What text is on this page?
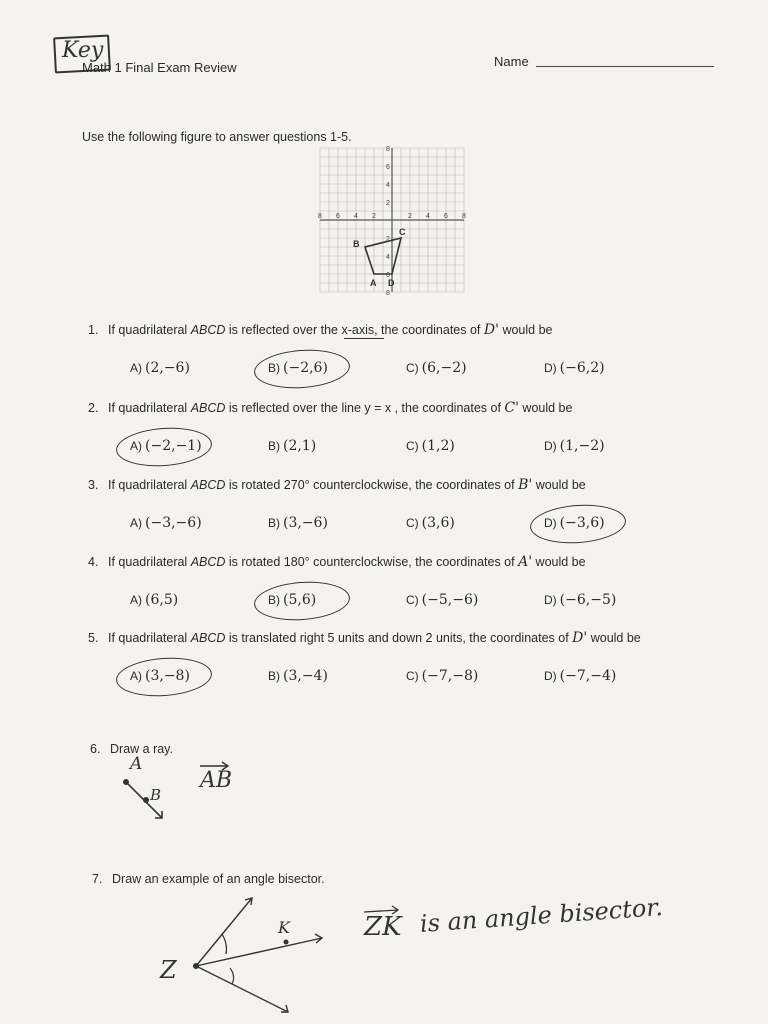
Key
Math 1 Final Exam Review	Name
Use the following figure to answer questions 1-5.
8 6 4 2	2 4 6 8
8
6
4
2
2
4
6
8
A
B
C
D
1. If quadrilateral ABCD is reflected over the x-axis, the coordinates of D' would be
A) (2,−6)	B) (−2,6)	C) (6,−2)	D) (−6,2)
2. If quadrilateral ABCD is reflected over the line y = x , the coordinates of C' would be
A) (−2,−1)	B) (2,1)	C) (1,2)	D) (1,−2)
3. If quadrilateral ABCD is rotated 270° counterclockwise, the coordinates of B' would be
A) (−3,−6)	B) (3,−6)	C) (3,6)	D) (−3,6)
4. If quadrilateral ABCD is rotated 180° counterclockwise, the coordinates of A' would be
A) (6,5)	B) (5,6)	C) (−5,−6)	D) (−6,−5)
5. If quadrilateral ABCD is translated right 5 units and down 2 units, the coordinates of D' would be
A) (3,−8)	B) (3,−4)	C) (−7,−8)	D) (−7,−4)
6. Draw a ray.
A
B
AB
7. Draw an example of an angle bisector.
Z
K	ZK is an angle bisector.
